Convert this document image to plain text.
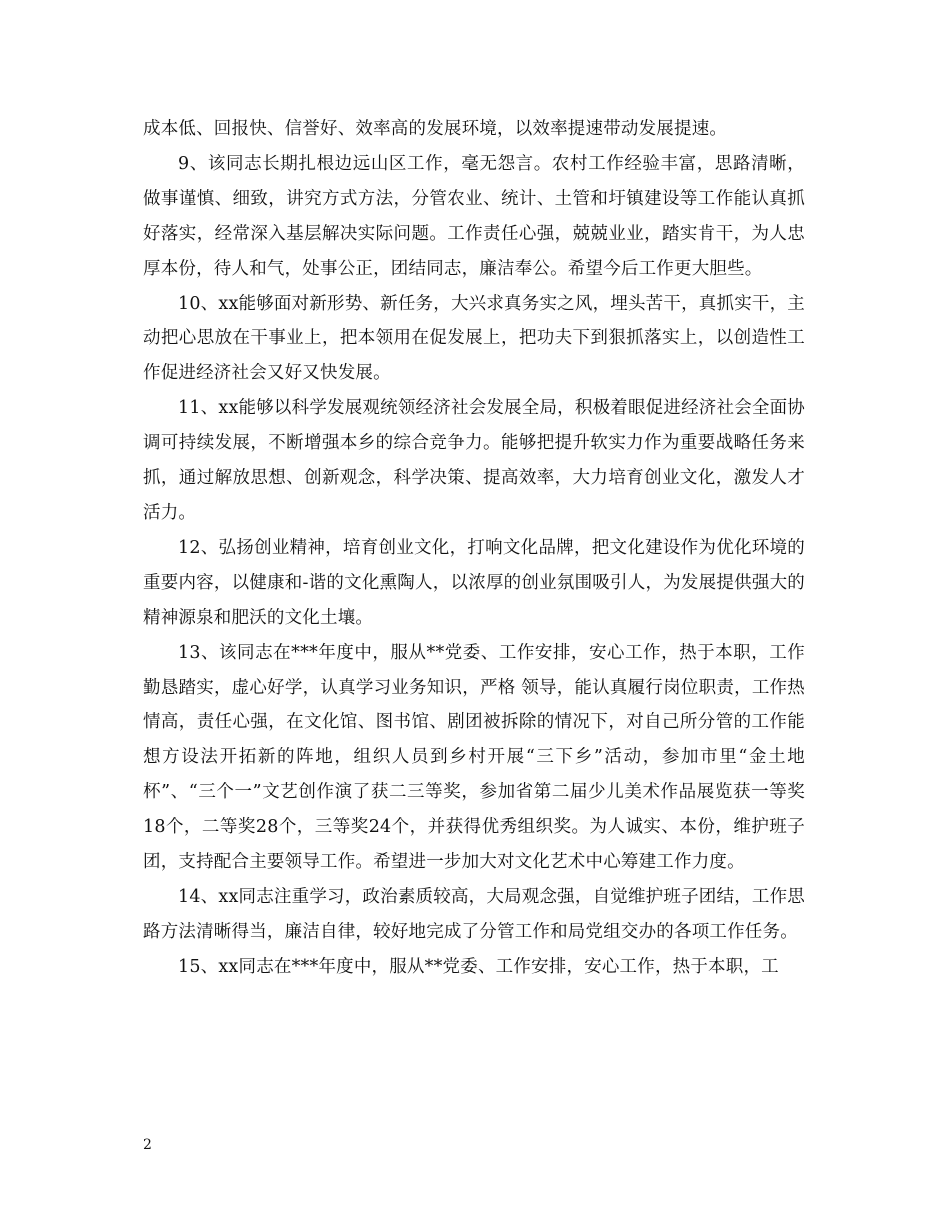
成本低、回报快、信誉好、效率高的发展环境，以效率提速带动发展提速。

9、该同志长期扎根边远山区工作，毫无怨言。农村工作经验丰富，思路清晰，做事谨慎、细致，讲究方式方法，分管农业、统计、土管和圩镇建设等工作能认真抓好落实，经常深入基层解决实际问题。工作责任心强，兢兢业业，踏实肯干，为人忠厚本份，待人和气，处事公正，团结同志，廉洁奉公。希望今后工作更大胆些。

10、xx能够面对新形势、新任务，大兴求真务实之风，埋头苦干，真抓实干，主动把心思放在干事业上，把本领用在促发展上，把功夫下到狠抓落实上，以创造性工作促进经济社会又好又快发展。

11、xx能够以科学发展观统领经济社会发展全局，积极着眼促进经济社会全面协调可持续发展，不断增强本乡的综合竞争力。能够把提升软实力作为重要战略任务来抓，通过解放思想、创新观念，科学决策、提高效率，大力培育创业文化，激发人才活力。

12、弘扬创业精神，培育创业文化，打响文化品牌，把文化建设作为优化环境的重要内容，以健康和-谐的文化熏陶人，以浓厚的创业氛围吸引人，为发展提供强大的精神源泉和肥沃的文化土壤。

13、该同志在***年度中，服从**党委、工作安排，安心工作，热于本职，工作勤恳踏实，虚心好学，认真学习业务知识，严格 领导，能认真履行岗位职责，工作热情高，责任心强，在文化馆、图书馆、剧团被拆除的情况下，对自己所分管的工作能想方设法开拓新的阵地，组织人员到乡村开展“三下乡”活动，参加市里“金土地杯”、“三个一”文艺创作演了获二三等奖，参加省第二届少儿美术作品展览获一等奖18个，二等奖28个，三等奖24个，并获得优秀组织奖。为人诚实、本份，维护班子团，支持配合主要领导工作。希望进一步加大对文化艺术中心筹建工作力度。

14、xx同志注重学习，政治素质较高，大局观念强，自觉维护班子团结，工作思路方法清晰得当，廉洁自律，较好地完成了分管工作和局党组交办的各项工作任务。

15、xx同志在***年度中，服从**党委、工作安排，安心工作，热于本职，工

2
